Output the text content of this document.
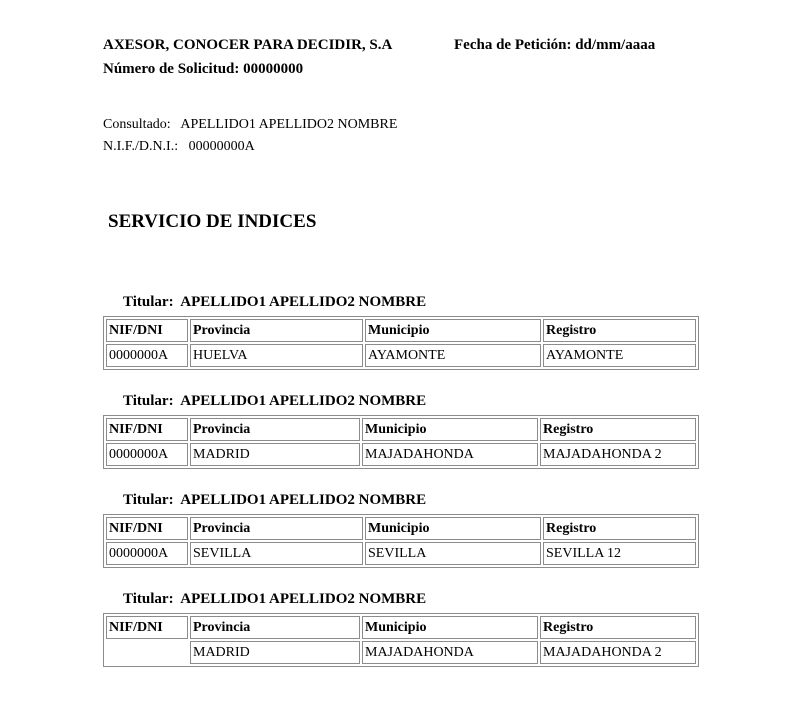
AXESOR, CONOCER PARA DECIDIR, S.A	Fecha de Petición: dd/mm/aaaa
Número de Solicitud: 00000000
Consultado: APELLIDO1 APELLIDO2 NOMBRE
N.I.F./D.N.I.: 00000000A
SERVICIO DE INDICES
Titular: APELLIDO1 APELLIDO2 NOMBRE
NIF/DNI	Provincia	Municipio	Registro
0000000A	HUELVA	AYAMONTE	AYAMONTE
Titular: APELLIDO1 APELLIDO2 NOMBRE
NIF/DNI	Provincia	Municipio	Registro
0000000A	MADRID	MAJADAHONDA	MAJADAHONDA 2
Titular: APELLIDO1 APELLIDO2 NOMBRE
NIF/DNI	Provincia	Municipio	Registro
0000000A	SEVILLA	SEVILLA	SEVILLA 12
Titular: APELLIDO1 APELLIDO2 NOMBRE
NIF/DNI	Provincia	Municipio	Registro
	MADRID	MAJADAHONDA	MAJADAHONDA 2
